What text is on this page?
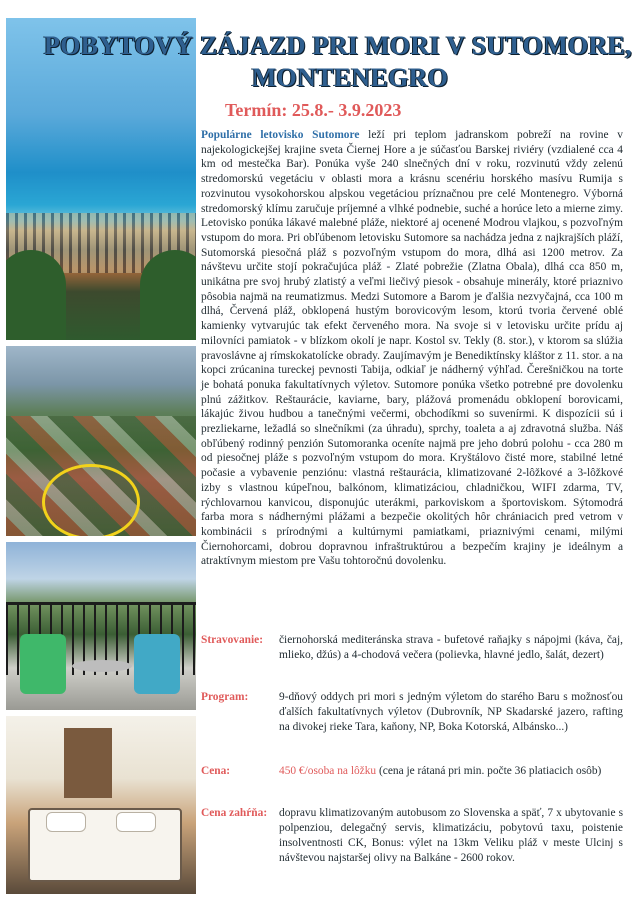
POBYTOVÝ ZÁJAZD PRI MORI V SUTOMORE,
MONTENEGRO
Termín: 25.8.- 3.9.2023
Populárne letovisko Sutomore leží pri teplom jadranskom pobreží na rovine v najekologickejšej krajine sveta Čiernej Hore a je súčasťou Barskej riviéry (vzdialené cca 4 km od mestečka Bar). Ponúka vyše 240 slnečných dní v roku, rozvinutú vždy zelenú stredomorskú vegetáciu v oblasti mora a krásnu scenériu horského masívu Rumija s rozvinutou vysokohorskou alpskou vegetáciou príznačnou pre celé Montenegro. Výborná stredomorský klímu zaručuje príjemné a vlhké podnebie, suché a horúce leto a mierne zimy. Letovisko ponúka lákavé malebné pláže, niektoré aj ocenené Modrou vlajkou, s pozvoľným vstupom do mora. Pri obľúbenom letovisku Sutomore sa nachádza jedna z najkrajších pláží, Sutomorská piesočná pláž s pozvoľným vstupom do mora, dlhá asi 1200 metrov. Za návštevu určite stojí pokračujúca pláž - Zlaté pobrežie (Zlatna Obala), dlhá cca 850 m, unikátna pre svoj hrubý zlatistý a veľmi liečivý piesok - obsahuje minerály, ktoré priaznivo pôsobia najmä na reumatizmus. Medzi Sutomore a Barom je ďalšia nezvyčajná, cca 100 m dlhá, Červená pláž, obklopená hustým borovicovým lesom, ktorú tvoria červené oblé kamienky vytvarujúc tak efekt červeného mora. Na svoje si v letovisku určite prídu aj milovníci pamiatok - v blízkom okolí je napr. Kostol sv. Tekly (8. stor.), v ktorom sa slúžia pravoslávne aj rímskokatolícke obrady. Zaujímavým je Benediktínsky kláštor z 11. stor. a na kopci zrúcanina tureckej pevnosti Tabija, odkiaľ je nádherný výhľad. Čerešničkou na torte je bohatá ponuka fakultatívnych výletov. Sutomore ponúka všetko potrebné pre dovolenku plnú zážitkov. Reštaurácie, kaviarne, bary, plážová promenádu obklopení borovicami, lákajúc živou hudbou a tanečnými večermi, obchodíkmi so suvenírmi. K dispozícii sú i prezliekarne, ležadlá so slnečníkmi (za úhradu), sprchy, toaleta a aj zdravotná služba. Náš obľúbený rodinný penzión Sutomoranka oceníte najmä pre jeho dobrú polohu - cca 280 m od piesočnej pláže s pozvoľným vstupom do mora. Kryštálovo čisté more, stabilné letné počasie a vybavenie penziónu: vlastná reštaurácia, klimatizované 2-lôžkové a 3-lôžkové izby s vlastnou kúpeľnou, balkónom, klimatizáciou, chladničkou, WIFI zdarma, TV, rýchlovarnou kanvicou, disponujúc uterákmi, parkoviskom a športoviskom. Sýtomodrá farba mora s nádhernými plážami a bezpečie okolitých hôr chrániacich pred vetrom v kombinácii s prírodnými a kultúrnymi pamiatkami, priaznivými cenami, milými Čiernohorcami, dobrou dopravnou infraštruktúrou a bezpečím krajiny je ideálnym a atraktívnym miestom pre Vašu tohtoročnú dovolenku.
Stravovanie: čiernohorská mediteránska strava - bufetové raňajky s nápojmi (káva, čaj, mlieko, džús) a 4-chodová večera (polievka, hlavné jedlo, šalát, dezert)
Program:	9-dňový oddych pri mori s jedným výletom do starého Baru s možnosťou ďalších fakultatívnych výletov (Dubrovník, NP Skadarské jazero, rafting na divokej rieke Tara, kaňony, NP, Boka Kotorská, Albánsko...)
Cena:	450 €/osoba na lôžku (cena je rátaná pri min. počte 36 platiacich osôb)
Cena zahŕňa: dopravu klimatizovaným autobusom zo Slovenska a späť, 7 x ubytovanie s polpenziou, delegačný servis, klimatizáciu, pobytovú taxu, poistenie insolventnosti CK, Bonus: výlet na 13km Veliku pláž v meste Ulcinj s návštevou najstaršej olivy na Balkáne - 2600 rokov.
